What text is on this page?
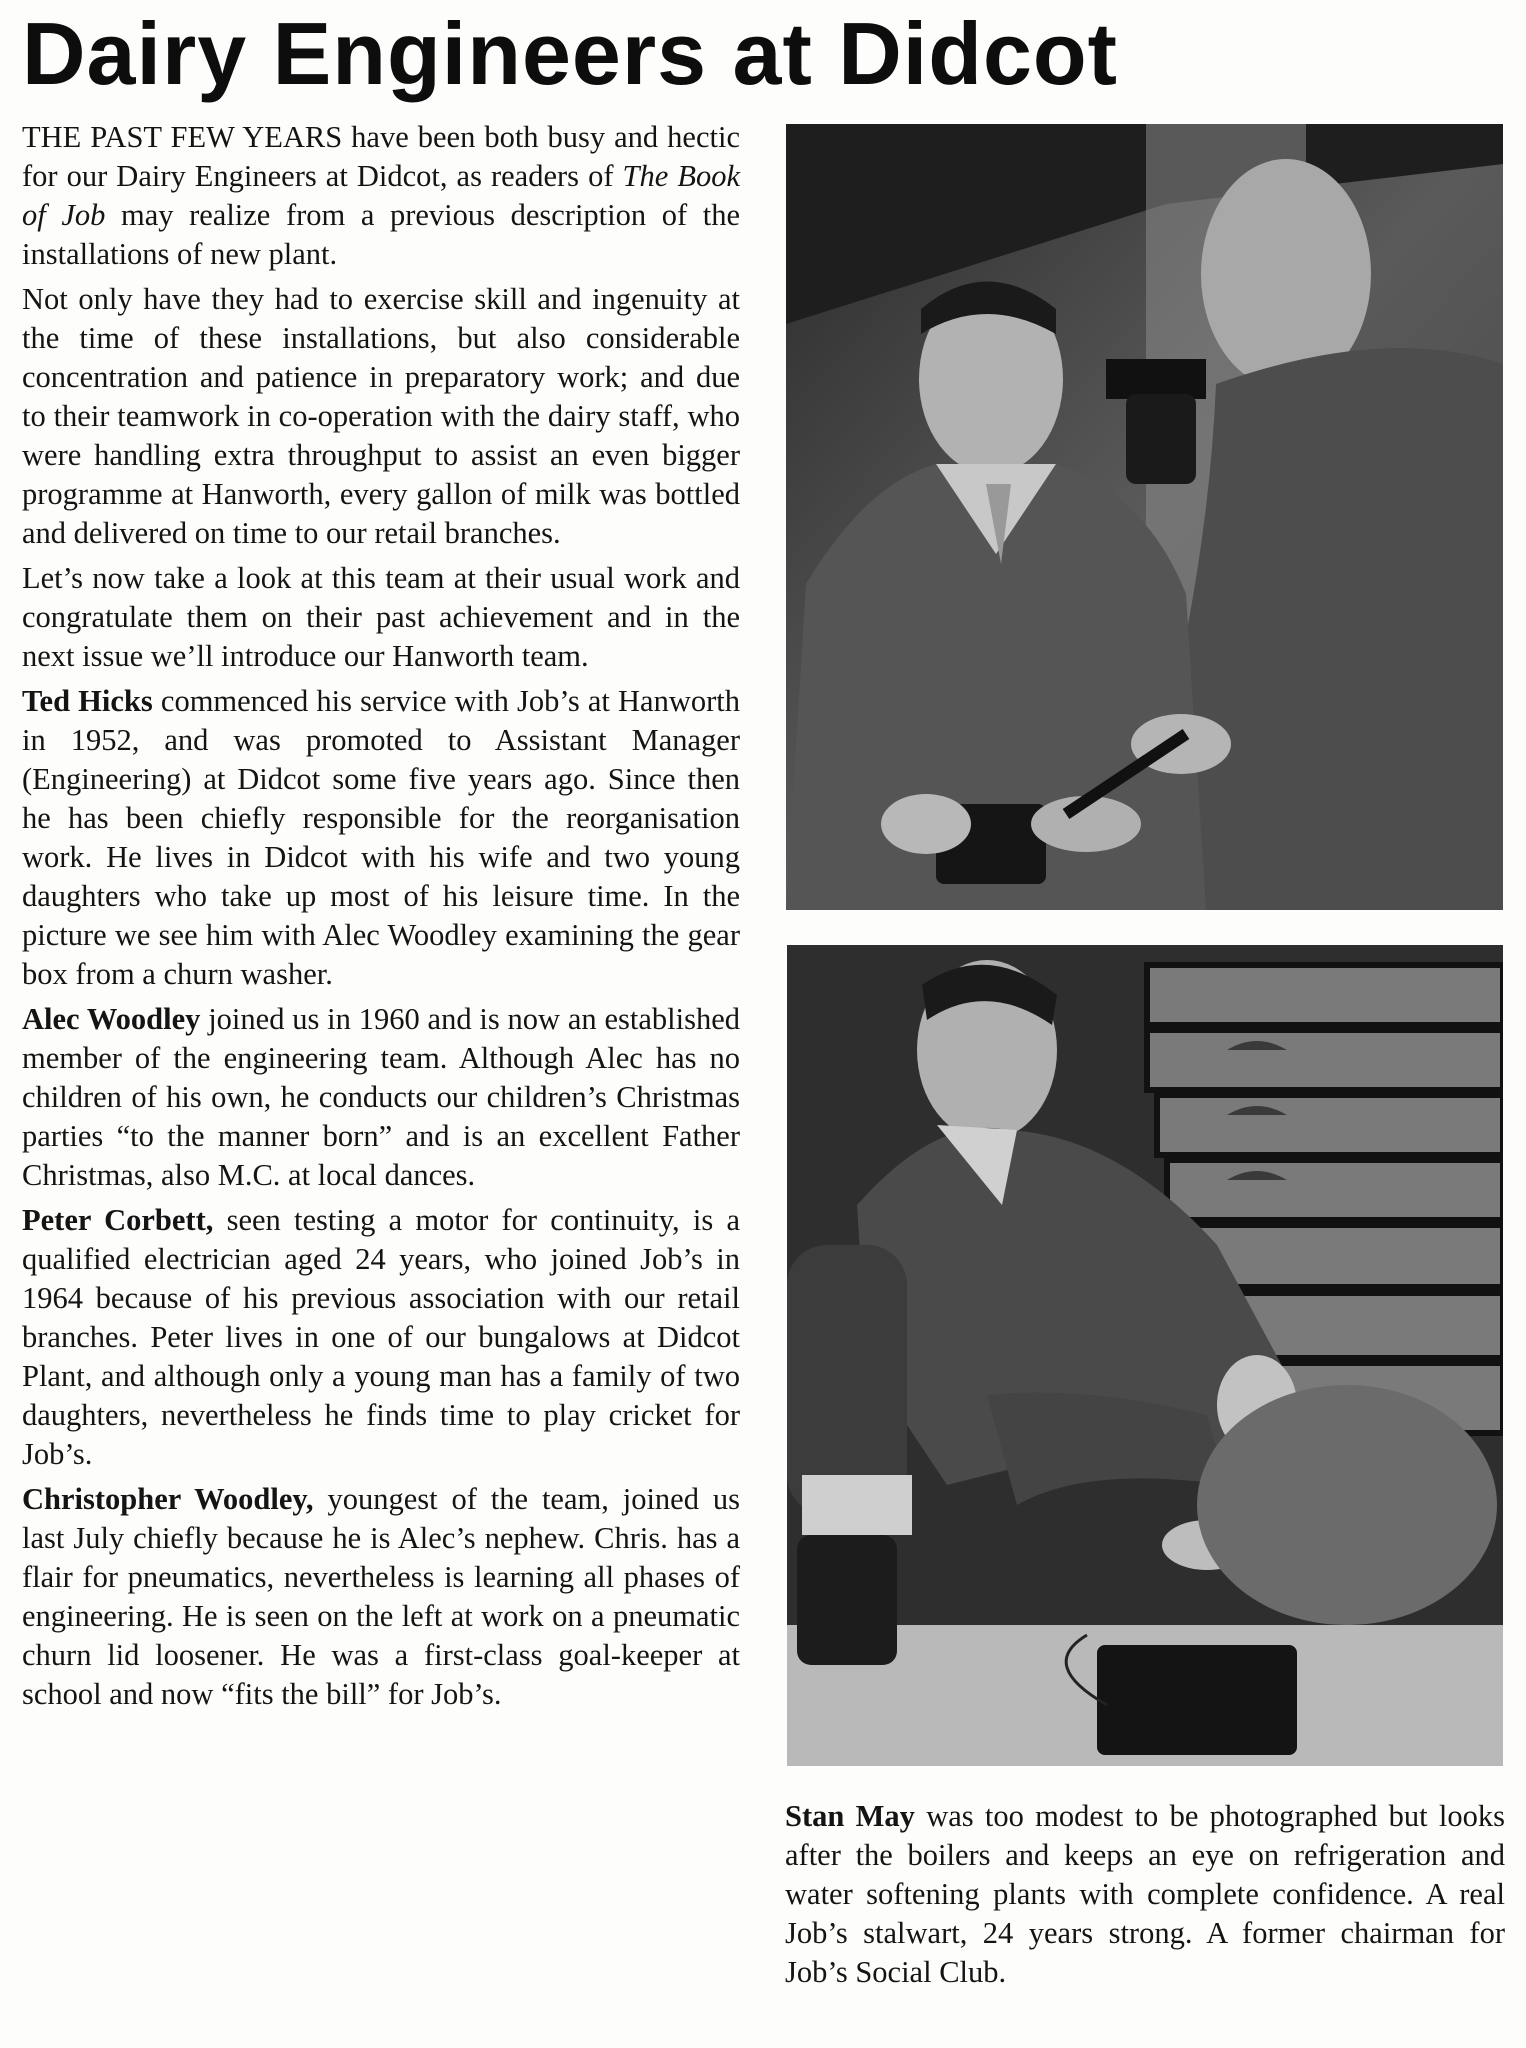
Dairy Engineers at Didcot

THE PAST FEW YEARS have been both busy and hectic for our Dairy Engineers at Didcot, as readers of The Book of Job may realize from a previous description of the installations of new plant.

Not only have they had to exercise skill and ingenuity at the time of these installations, but also considerable concentration and patience in preparatory work; and due to their teamwork in co-operation with the dairy staff, who were handling extra throughput to assist an even bigger programme at Hanworth, every gallon of milk was bottled and delivered on time to our retail branches.

Let’s now take a look at this team at their usual work and congratulate them on their past achievement and in the next issue we’ll introduce our Hanworth team.

Ted Hicks commenced his service with Job’s at Hanworth in 1952, and was promoted to Assistant Manager (Engineering) at Didcot some five years ago. Since then he has been chiefly responsible for the reorganisation work. He lives in Didcot with his wife and two young daughters who take up most of his leisure time. In the picture we see him with Alec Woodley examining the gear box from a churn washer.

Alec Woodley joined us in 1960 and is now an established member of the engineering team. Although Alec has no children of his own, he conducts our children’s Christmas parties “to the manner born” and is an excellent Father Christmas, also M.C. at local dances.

Peter Corbett, seen testing a motor for continuity, is a qualified electrician aged 24 years, who joined Job’s in 1964 because of his previous association with our retail branches. Peter lives in one of our bungalows at Didcot Plant, and although only a young man has a family of two daughters, nevertheless he finds time to play cricket for Job’s.

Christopher Woodley, youngest of the team, joined us last July chiefly because he is Alec’s nephew. Chris. has a flair for pneumatics, nevertheless is learning all phases of engineering. He is seen on the left at work on a pneumatic churn lid loosener. He was a first-class goal-keeper at school and now “fits the bill” for Job’s.

Stan May was too modest to be photographed but looks after the boilers and keeps an eye on refrigeration and water softening plants with complete confidence. A real Job’s stalwart, 24 years strong. A former chairman for Job’s Social Club.
